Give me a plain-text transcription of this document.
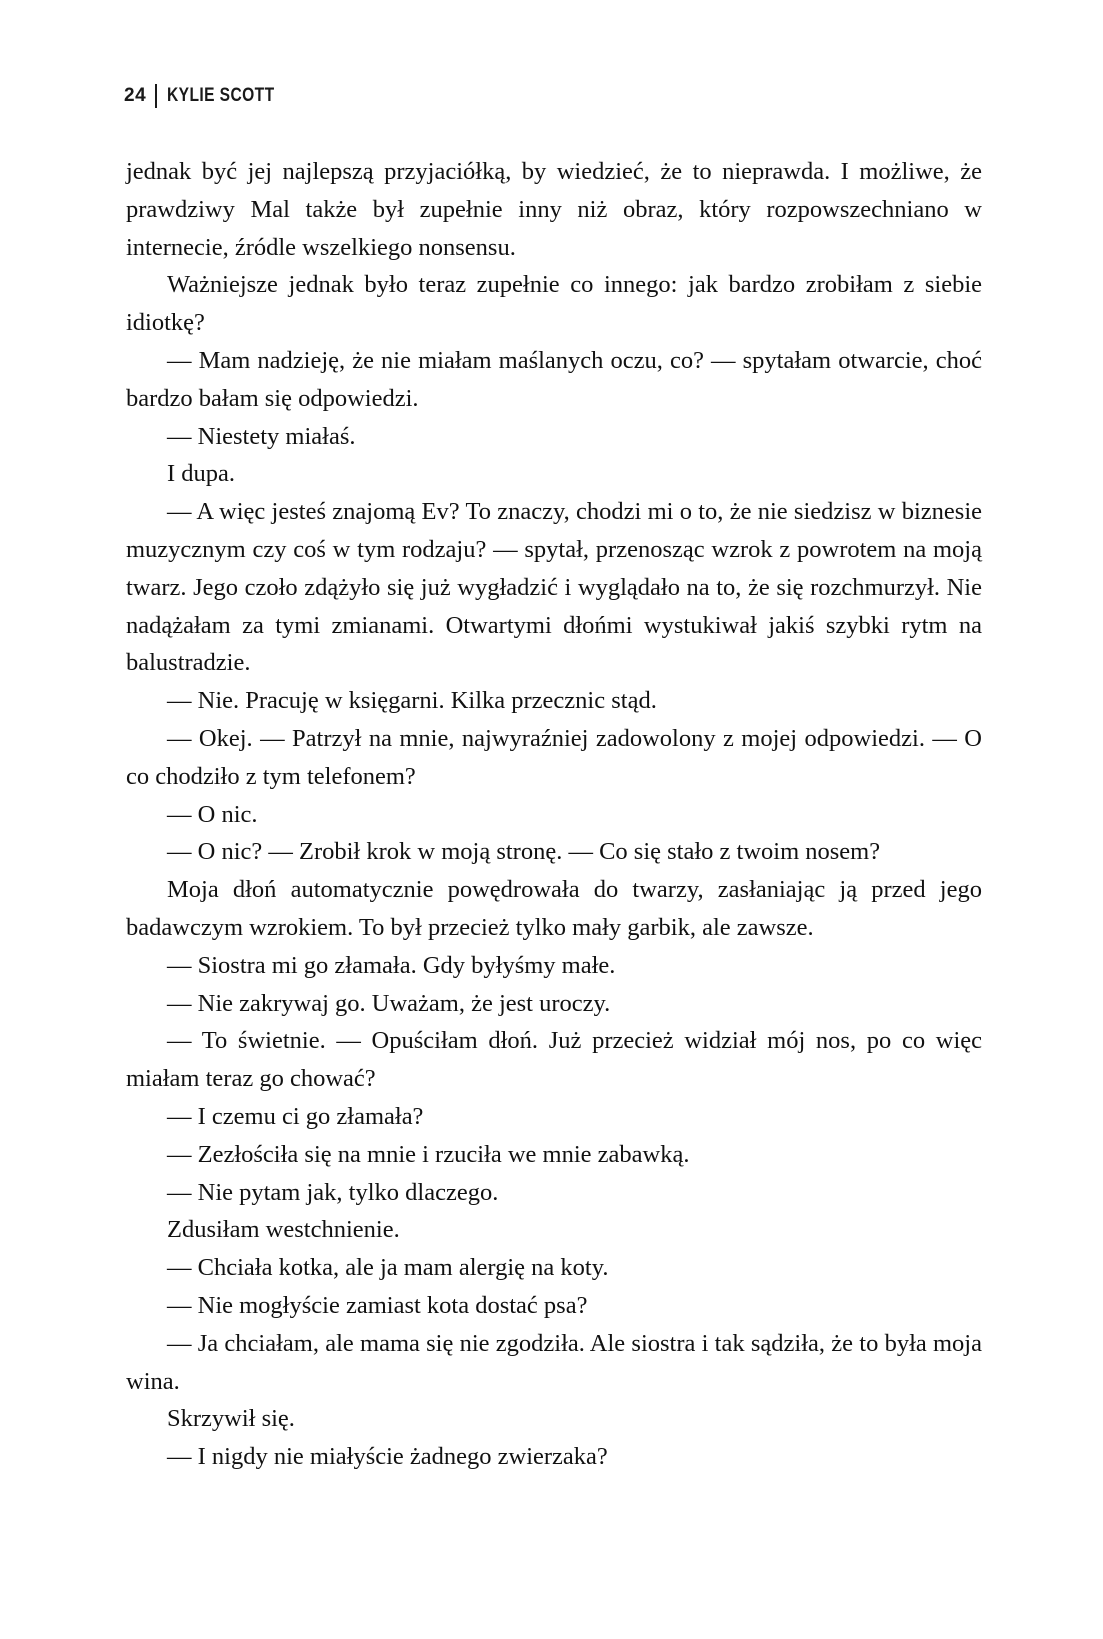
24 KYLIE SCOTT

jednak być jej najlepszą przyjaciółką, by wiedzieć, że to nieprawda. I możliwe, że prawdziwy Mal także był zupełnie inny niż obraz, który rozpowszechniano w internecie, źródle wszelkiego nonsensu.

Ważniejsze jednak było teraz zupełnie co innego: jak bardzo zrobiłam z siebie idiotkę?

— Mam nadzieję, że nie miałam maślanych oczu, co? — spytałam otwarcie, choć bardzo bałam się odpowiedzi.

— Niestety miałaś.

I dupa.

— A więc jesteś znajomą Ev? To znaczy, chodzi mi o to, że nie siedzisz w biznesie muzycznym czy coś w tym rodzaju? — spytał, przenosząc wzrok z powrotem na moją twarz. Jego czoło zdążyło się już wygładzić i wyglądało na to, że się rozchmurzył. Nie nadążałam za tymi zmianami. Otwartymi dłońmi wystukiwał jakiś szybki rytm na balustradzie.

— Nie. Pracuję w księgarni. Kilka przecznic stąd.

— Okej. — Patrzył na mnie, najwyraźniej zadowolony z mojej odpowiedzi. — O co chodziło z tym telefonem?

— O nic.

— O nic? — Zrobił krok w moją stronę. — Co się stało z twoim nosem?

Moja dłoń automatycznie powędrowała do twarzy, zasłaniając ją przed jego badawczym wzrokiem. To był przecież tylko mały garbik, ale zawsze.

— Siostra mi go złamała. Gdy byłyśmy małe.

— Nie zakrywaj go. Uważam, że jest uroczy.

— To świetnie. — Opuściłam dłoń. Już przecież widział mój nos, po co więc miałam teraz go chować?

— I czemu ci go złamała?

— Zezłościła się na mnie i rzuciła we mnie zabawką.

— Nie pytam jak, tylko dlaczego.

Zdusiłam westchnienie.

— Chciała kotka, ale ja mam alergię na koty.

— Nie mogłyście zamiast kota dostać psa?

— Ja chciałam, ale mama się nie zgodziła. Ale siostra i tak sądziła, że to była moja wina.

Skrzywił się.

— I nigdy nie miałyście żadnego zwierzaka?
